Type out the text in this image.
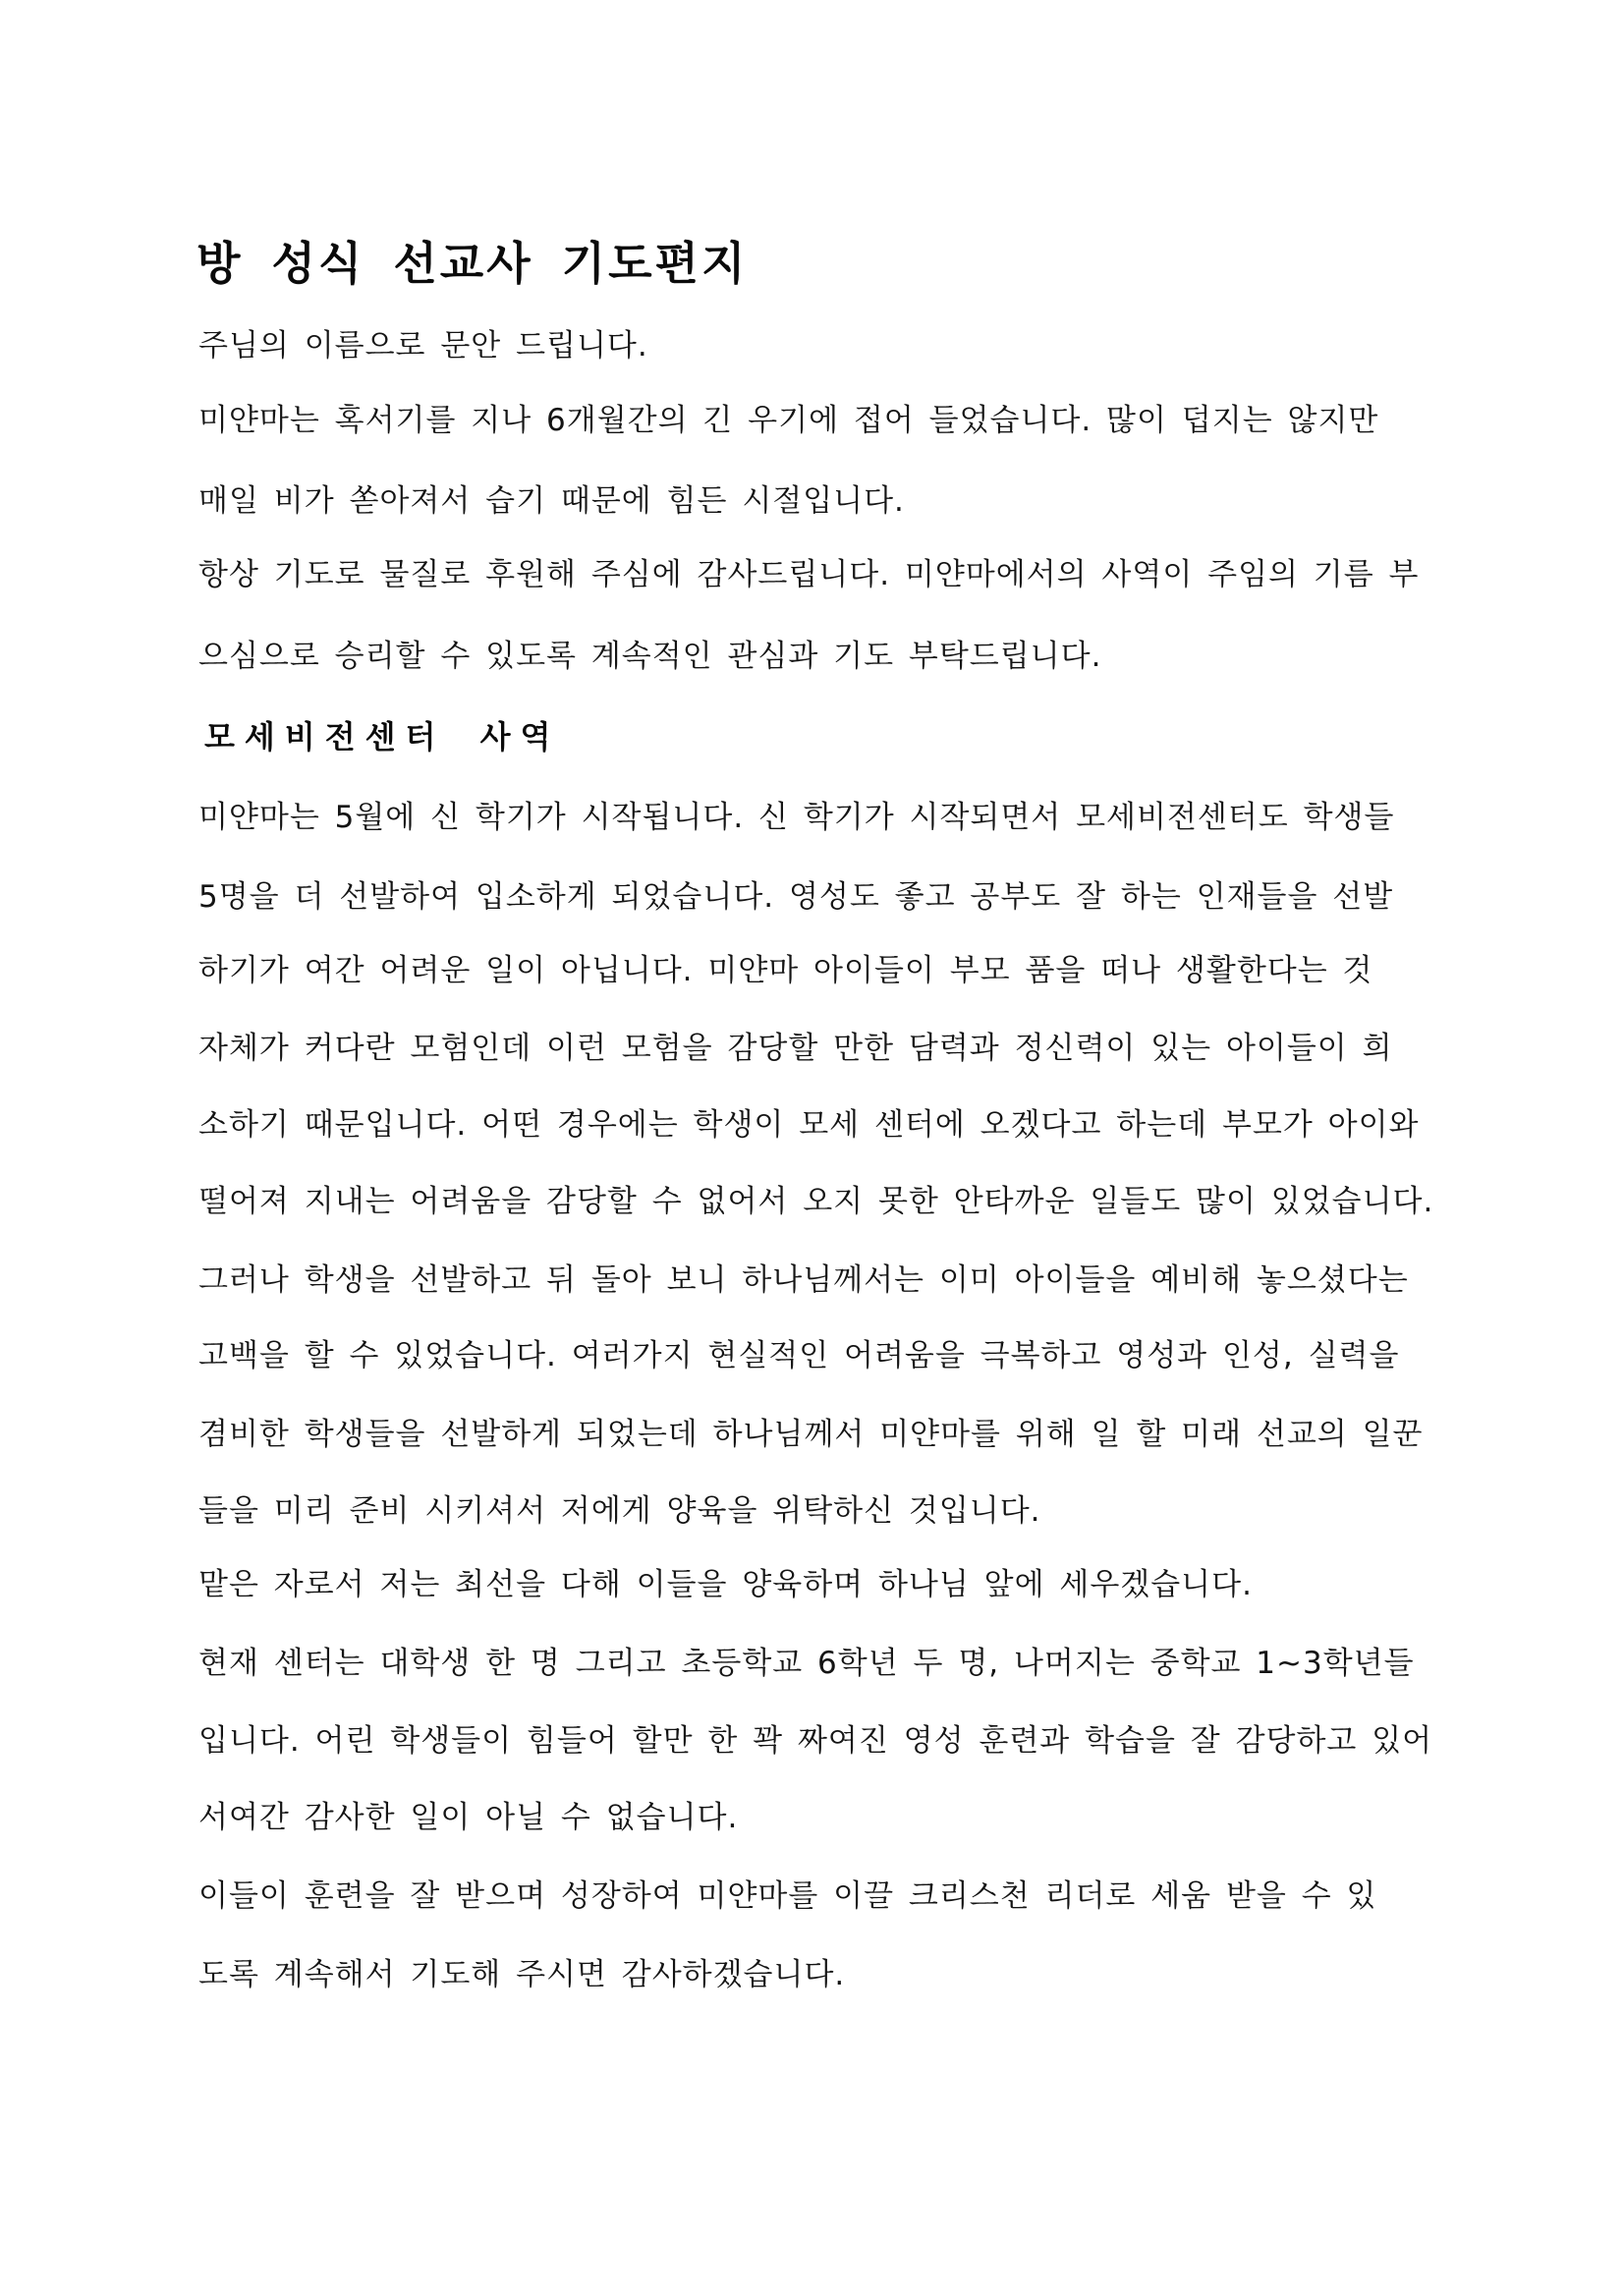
방 성식 선교사 기도편지
주님의 이름으로 문안 드립니다.
미얀마는 혹서기를 지나 6개월간의 긴 우기에 접어 들었습니다. 많이 덥지는 않지만
매일 비가 쏟아져서 습기 때문에 힘든 시절입니다.
항상 기도로 물질로 후원해 주심에 감사드립니다. 미얀마에서의 사역이 주임의 기름 부
으심으로 승리할 수 있도록 계속적인 관심과 기도 부탁드립니다.
모세비전센터 사역
미얀마는 5월에 신 학기가 시작됩니다. 신 학기가 시작되면서 모세비전센터도 학생들
5명을 더 선발하여 입소하게 되었습니다. 영성도 좋고 공부도 잘 하는 인재들을 선발
하기가 여간 어려운 일이 아닙니다. 미얀마 아이들이 부모 품을 떠나 생활한다는 것
자체가 커다란 모험인데 이런 모험을 감당할 만한 담력과 정신력이 있는 아이들이 희
소하기 때문입니다. 어떤 경우에는 학생이 모세 센터에 오겠다고 하는데 부모가 아이와
떨어져 지내는 어려움을 감당할 수 없어서 오지 못한 안타까운 일들도 많이 있었습니다.
그러나 학생을 선발하고 뒤 돌아 보니 하나님께서는 이미 아이들을 예비해 놓으셨다는
고백을 할 수 있었습니다. 여러가지 현실적인 어려움을 극복하고 영성과 인성, 실력을
겸비한 학생들을 선발하게 되었는데 하나님께서 미얀마를 위해 일 할 미래 선교의 일꾼
들을 미리 준비 시키셔서 저에게 양육을 위탁하신 것입니다.
맡은 자로서 저는 최선을 다해 이들을 양육하며 하나님 앞에 세우겠습니다.
현재 센터는 대학생 한 명 그리고 초등학교 6학년 두 명, 나머지는 중학교 1~3학년들
입니다. 어린 학생들이 힘들어 할만 한 꽉 짜여진 영성 훈련과 학습을 잘 감당하고 있어
서여간 감사한 일이 아닐 수 없습니다.
이들이 훈련을 잘 받으며 성장하여 미얀마를 이끌 크리스천 리더로 세움 받을 수 있
도록 계속해서 기도해 주시면 감사하겠습니다.
